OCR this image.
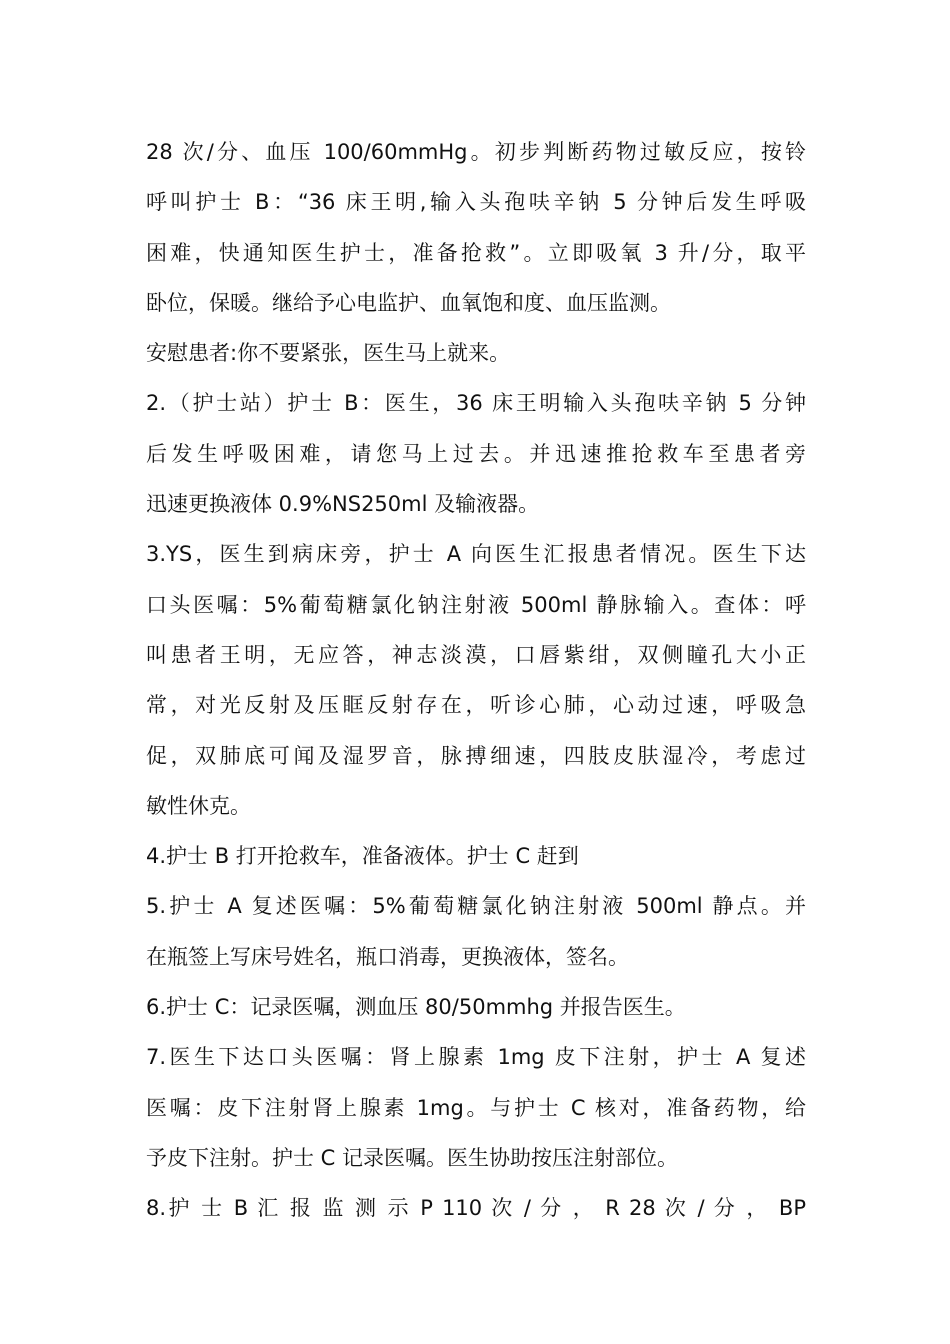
28 次/分、血压 100/60mmHg。初步判断药物过敏反应，按铃
呼叫护士 B：“36 床王明,输入头孢呋辛钠 5 分钟后发生呼吸
困难，快通知医生护士，准备抢救”。立即吸氧 3 升/分，取平
卧位，保暖。继给予心电监护、血氧饱和度、血压监测。
安慰患者:你不要紧张，医生马上就来。
2.（护士站）护士 B：医生，36 床王明输入头孢呋辛钠 5 分钟
后发生呼吸困难，请您马上过去。并迅速推抢救车至患者旁
迅速更换液体 0.9%NS250ml 及输液器。
3.YS，医生到病床旁，护士 A 向医生汇报患者情况。医生下达
口头医嘱：5%葡萄糖氯化钠注射液 500ml 静脉输入。查体：呼
叫患者王明，无应答，神志淡漠，口唇紫绀，双侧瞳孔大小正
常，对光反射及压眶反射存在，听诊心肺，心动过速，呼吸急
促，双肺底可闻及湿罗音，脉搏细速，四肢皮肤湿冷，考虑过
敏性休克。
4.护士 B 打开抢救车，准备液体。护士 C 赶到
5.护士 A 复述医嘱：5%葡萄糖氯化钠注射液 500ml 静点。并
在瓶签上写床号姓名，瓶口消毒，更换液体，签名。
6.护士 C：记录医嘱，测血压 80/50mmhg 并报告医生。
7.医生下达口头医嘱：肾上腺素 1mg 皮下注射，护士 A 复述
医嘱：皮下注射肾上腺素 1mg。与护士 C 核对，准备药物，给
予皮下注射。护士 C 记录医嘱。医生协助按压注射部位。
8.护 士 B 汇 报 监 测 示 P 110 次 / 分 ， R 28 次 / 分 ， BP
